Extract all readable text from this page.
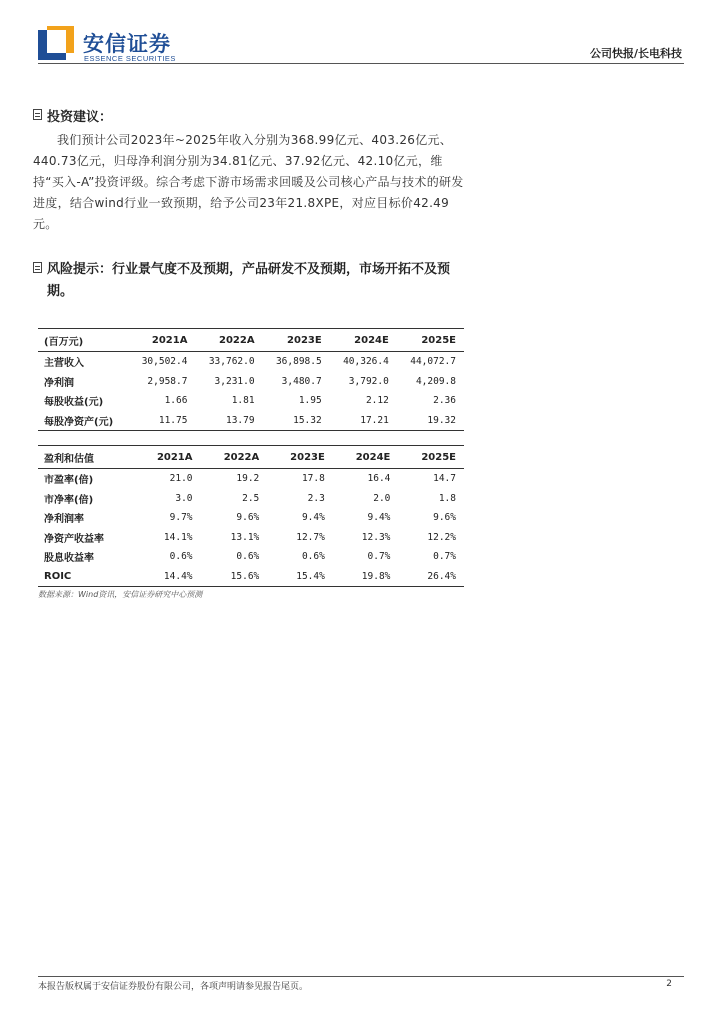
安信证券
ESSENCE SECURITIES	公司快报/长电科技
投资建议：
我们预计公司2023年~2025年收入分别为368.99亿元、403.26亿元、440.73亿元，归母净利润分别为34.81亿元、37.92亿元、42.10亿元，维持“买入-A”投资评级。综合考虑下游市场需求回暖及公司核心产品与技术的研发进度，结合wind行业一致预期，给予公司23年21.8XPE，对应目标价42.49元。
风险提示：行业景气度不及预期，产品研发不及预期，市场开拓不及预期。
(百万元)	2021A	2022A	2023E	2024E	2025E
主营收入	30,502.4	33,762.0	36,898.5	40,326.4	44,072.7
净利润	2,958.7	3,231.0	3,480.7	3,792.0	4,209.8
每股收益(元)	1.66	1.81	1.95	2.12	2.36
每股净资产(元)	11.75	13.79	15.32	17.21	19.32
盈利和估值	2021A	2022A	2023E	2024E	2025E
市盈率(倍)	21.0	19.2	17.8	16.4	14.7
市净率(倍)	3.0	2.5	2.3	2.0	1.8
净利润率	9.7%	9.6%	9.4%	9.4%	9.6%
净资产收益率	14.1%	13.1%	12.7%	12.3%	12.2%
股息收益率	0.6%	0.6%	0.6%	0.7%	0.7%
ROIC	14.4%	15.6%	15.4%	19.8%	26.4%
数据来源：Wind资讯，安信证券研究中心预测
本报告版权属于安信证券股份有限公司，各项声明请参见报告尾页。	2
